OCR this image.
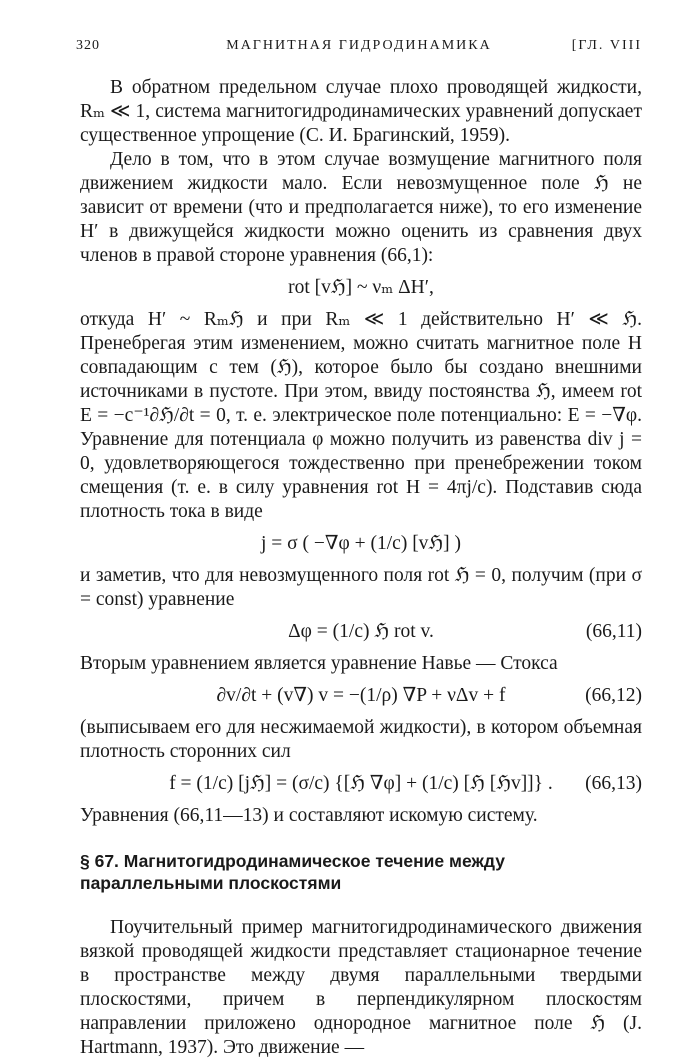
320	МАГНИТНАЯ ГИДРОДИНАМИКА	[ГЛ. VIII

В обратном предельном случае плохо проводящей жидкости, Rₘ ≪ 1, система магнитогидродинамических уравнений допускает существенное упрощение (С. И. Брагинский, 1959).

Дело в том, что в этом случае возмущение магнитного поля движением жидкости мало. Если невозмущенное поле ℌ не зависит от времени (что и предполагается ниже), то его изменение H′ в движущейся жидкости можно оценить из сравнения двух членов в правой стороне уравнения (66,1):

rot [vℌ] ~ νₘ ΔH′,

откуда H′ ~ Rₘℌ и при Rₘ ≪ 1 действительно H′ ≪ ℌ. Пренебрегая этим изменением, можно считать магнитное поле H совпадающим с тем (ℌ), которое было бы создано внешними источниками в пустоте. При этом, ввиду постоянства ℌ, имеем rot E = −c⁻¹∂ℌ/∂t = 0, т. е. электрическое поле потенциально: E = −∇φ. Уравнение для потенциала φ можно получить из равенства div j = 0, удовлетворяющегося тождественно при пренебрежении током смещения (т. е. в силу уравнения rot H = 4πj/c). Подставив сюда плотность тока в виде

j = σ ( −∇φ + (1/c) [vℌ] )

и заметив, что для невозмущенного поля rot ℌ = 0, получим (при σ = const) уравнение

Δφ = (1/c) ℌ rot v.	(66,11)

Вторым уравнением является уравнение Навье — Стокса

∂v/∂t + (v∇) v = −(1/ρ) ∇P + νΔv + f	(66,12)

(выписываем его для несжимаемой жидкости), в котором объемная плотность сторонних сил

f = (1/c) [jℌ] = (σ/c) {[ℌ ∇φ] + (1/c) [ℌ [ℌv]]} . (66,13)

Уравнения (66,11—13) и составляют искомую систему.

§ 67. Магнитогидродинамическое течение между параллельными плоскостями

Поучительный пример магнитогидродинамического движения вязкой проводящей жидкости представляет стационарное течение в пространстве между двумя параллельными твердыми плоскостями, причем в перпендикулярном плоскостям направлении приложено однородное магнитное поле ℌ (J. Hartmann, 1937). Это движение —
